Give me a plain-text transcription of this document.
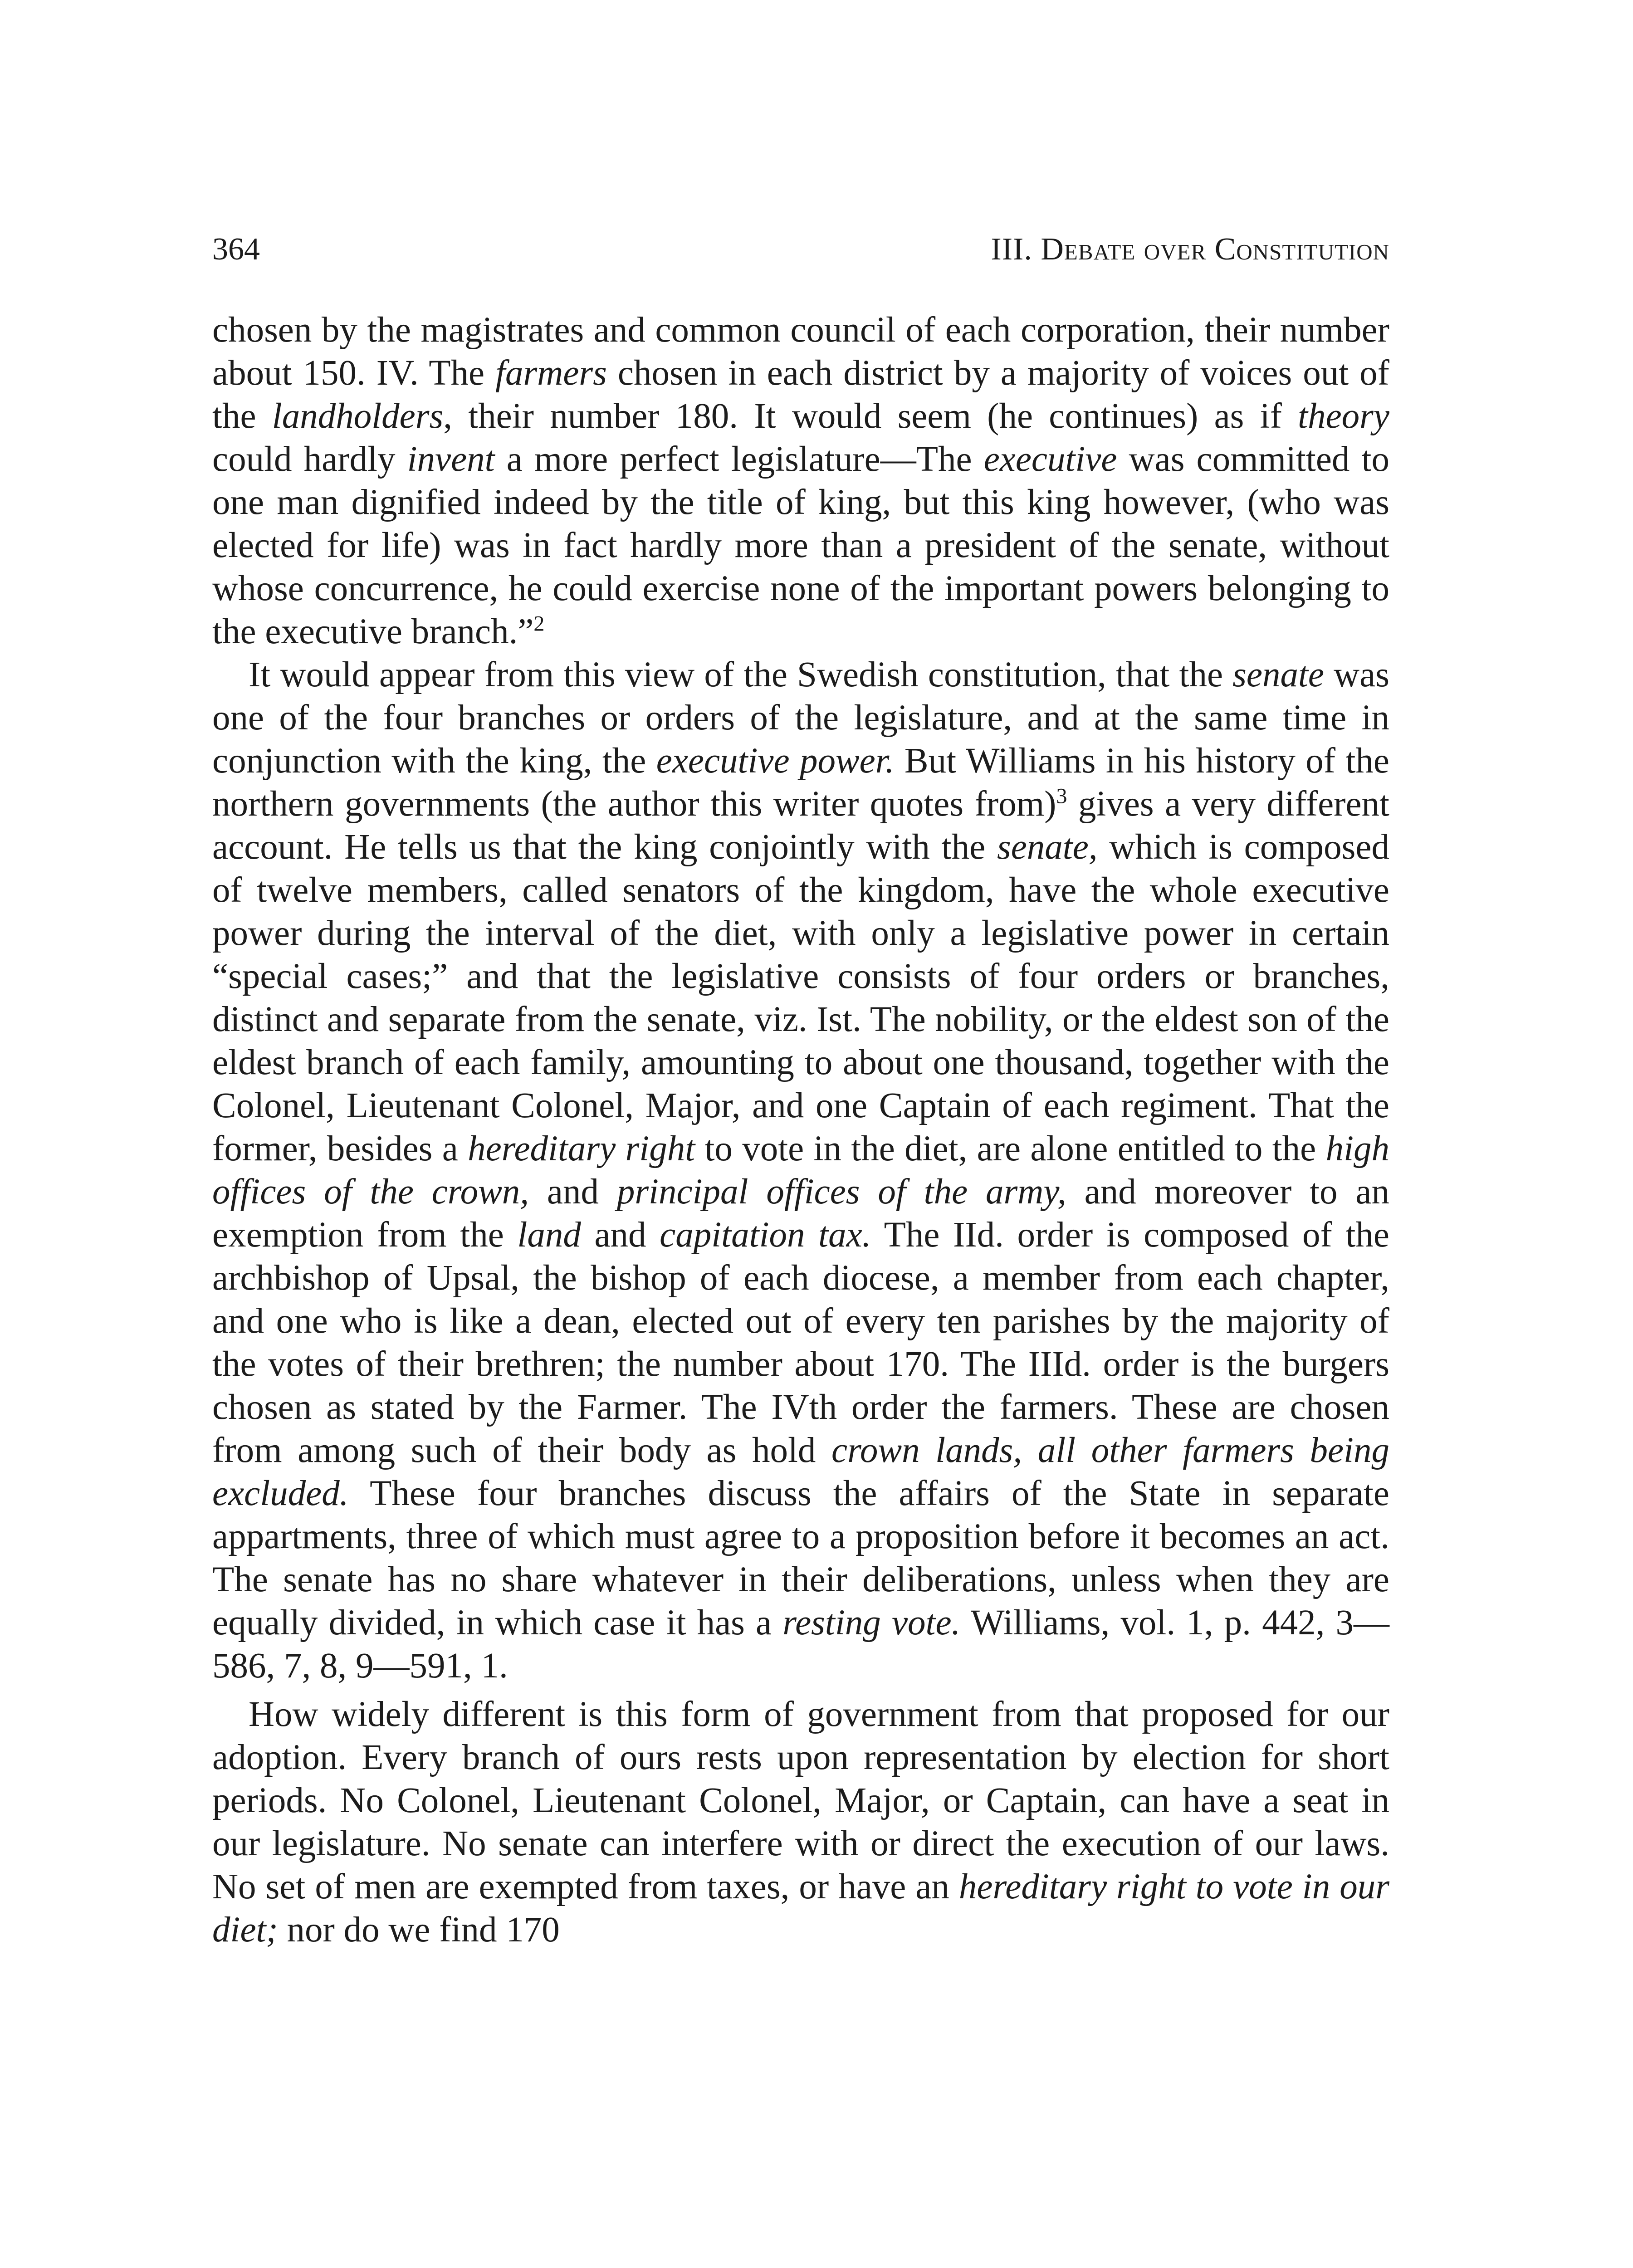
364	III. Debate over Constitution

chosen by the magistrates and common council of each corporation, their number about 150. IV. The farmers chosen in each district by a majority of voices out of the landholders, their number 180. It would seem (he continues) as if theory could hardly invent a more perfect legislature—The executive was committed to one man dignified indeed by the title of king, but this king however, (who was elected for life) was in fact hardly more than a president of the senate, without whose concurrence, he could exercise none of the important powers belonging to the executive branch.”$^2$

It would appear from this view of the Swedish constitution, that the senate was one of the four branches or orders of the legislature, and at the same time in conjunction with the king, the executive power. But Williams in his history of the northern governments (the author this writer quotes from)$^3$ gives a very different account. He tells us that the king conjointly with the senate, which is composed of twelve members, called senators of the kingdom, have the whole executive power during the interval of the diet, with only a legislative power in certain “special cases;” and that the legislative consists of four orders or branches, distinct and separate from the senate, viz. Ist. The nobility, or the eldest son of the eldest branch of each family, amounting to about one thousand, together with the Colonel, Lieutenant Colonel, Major, and one Captain of each regiment. That the former, besides a hereditary right to vote in the diet, are alone entitled to the high offices of the crown, and principal offices of the army, and moreover to an exemption from the land and capitation tax. The IId. order is composed of the archbishop of Upsal, the bishop of each diocese, a member from each chapter, and one who is like a dean, elected out of every ten parishes by the majority of the votes of their brethren; the number about 170. The IIId. order is the burgers chosen as stated by the Farmer. The IVth order the farmers. These are chosen from among such of their body as hold crown lands, all other farmers being excluded. These four branches discuss the affairs of the State in separate appartments, three of which must agree to a proposition before it becomes an act. The senate has no share whatever in their deliberations, unless when they are equally divided, in which case it has a resting vote. Williams, vol. 1, p. 442, 3—586, 7, 8, 9—591, 1.

How widely different is this form of government from that proposed for our adoption. Every branch of ours rests upon representation by election for short periods. No Colonel, Lieutenant Colonel, Major, or Captain, can have a seat in our legislature. No senate can interfere with or direct the execution of our laws. No set of men are exempted from taxes, or have an hereditary right to vote in our diet; nor do we find 170
